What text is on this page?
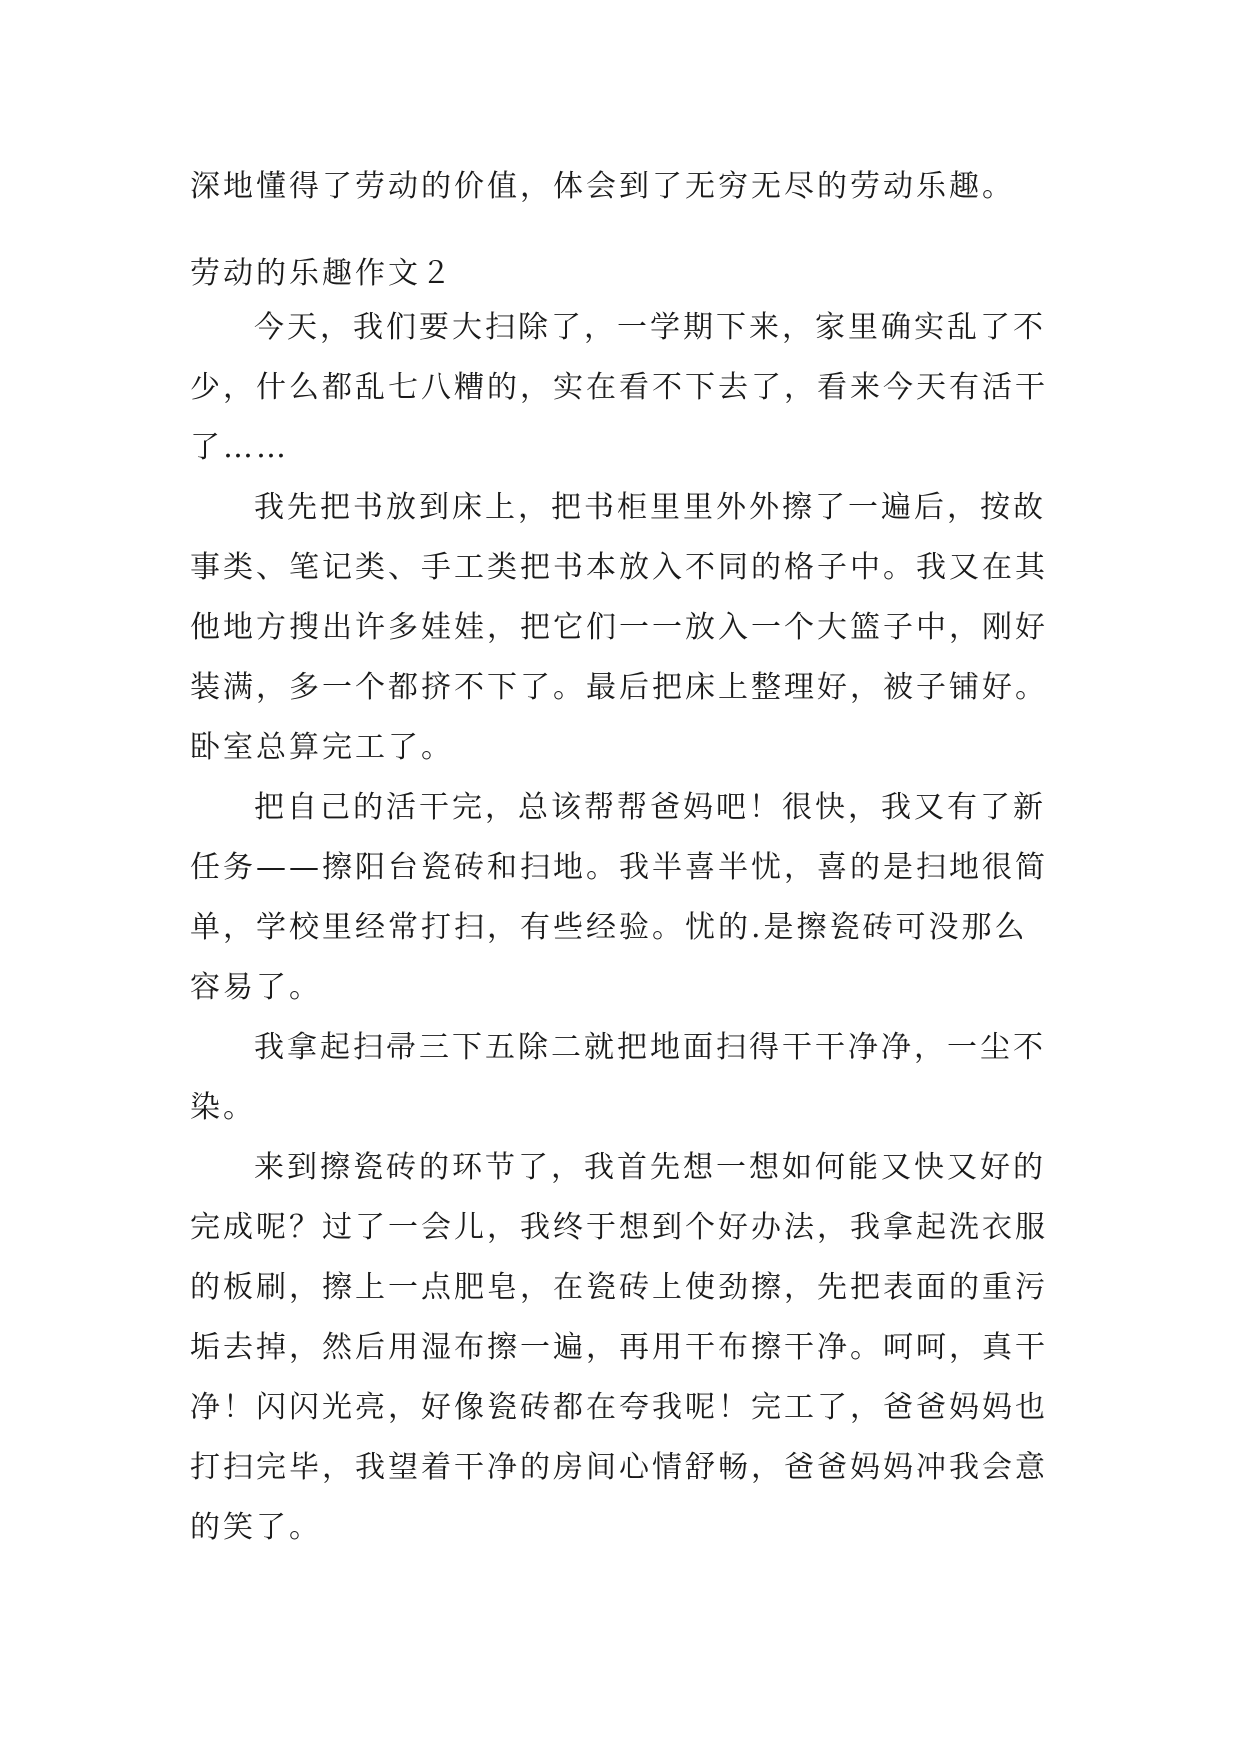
深地懂得了劳动的价值，体会到了无穷无尽的劳动乐趣。
劳动的乐趣作文２
今天，我们要大扫除了，一学期下来，家里确实乱了不
少，什么都乱七八糟的，实在看不下去了，看来今天有活干
了……
我先把书放到床上，把书柜里里外外擦了一遍后，按故
事类、笔记类、手工类把书本放入不同的格子中。我又在其
他地方搜出许多娃娃，把它们一一放入一个大篮子中，刚好
装满，多一个都挤不下了。最后把床上整理好，被子铺好。
卧室总算完工了。
把自己的活干完，总该帮帮爸妈吧！很快，我又有了新
任务——擦阳台瓷砖和扫地。我半喜半忧，喜的是扫地很简
单，学校里经常打扫，有些经验。忧的.是擦瓷砖可没那么
容易了。
我拿起扫帚三下五除二就把地面扫得干干净净，一尘不
染。
来到擦瓷砖的环节了，我首先想一想如何能又快又好的
完成呢？过了一会儿，我终于想到个好办法，我拿起洗衣服
的板刷，擦上一点肥皂，在瓷砖上使劲擦，先把表面的重污
垢去掉，然后用湿布擦一遍，再用干布擦干净。呵呵，真干
净！闪闪光亮，好像瓷砖都在夸我呢！完工了，爸爸妈妈也
打扫完毕，我望着干净的房间心情舒畅，爸爸妈妈冲我会意
的笑了。
